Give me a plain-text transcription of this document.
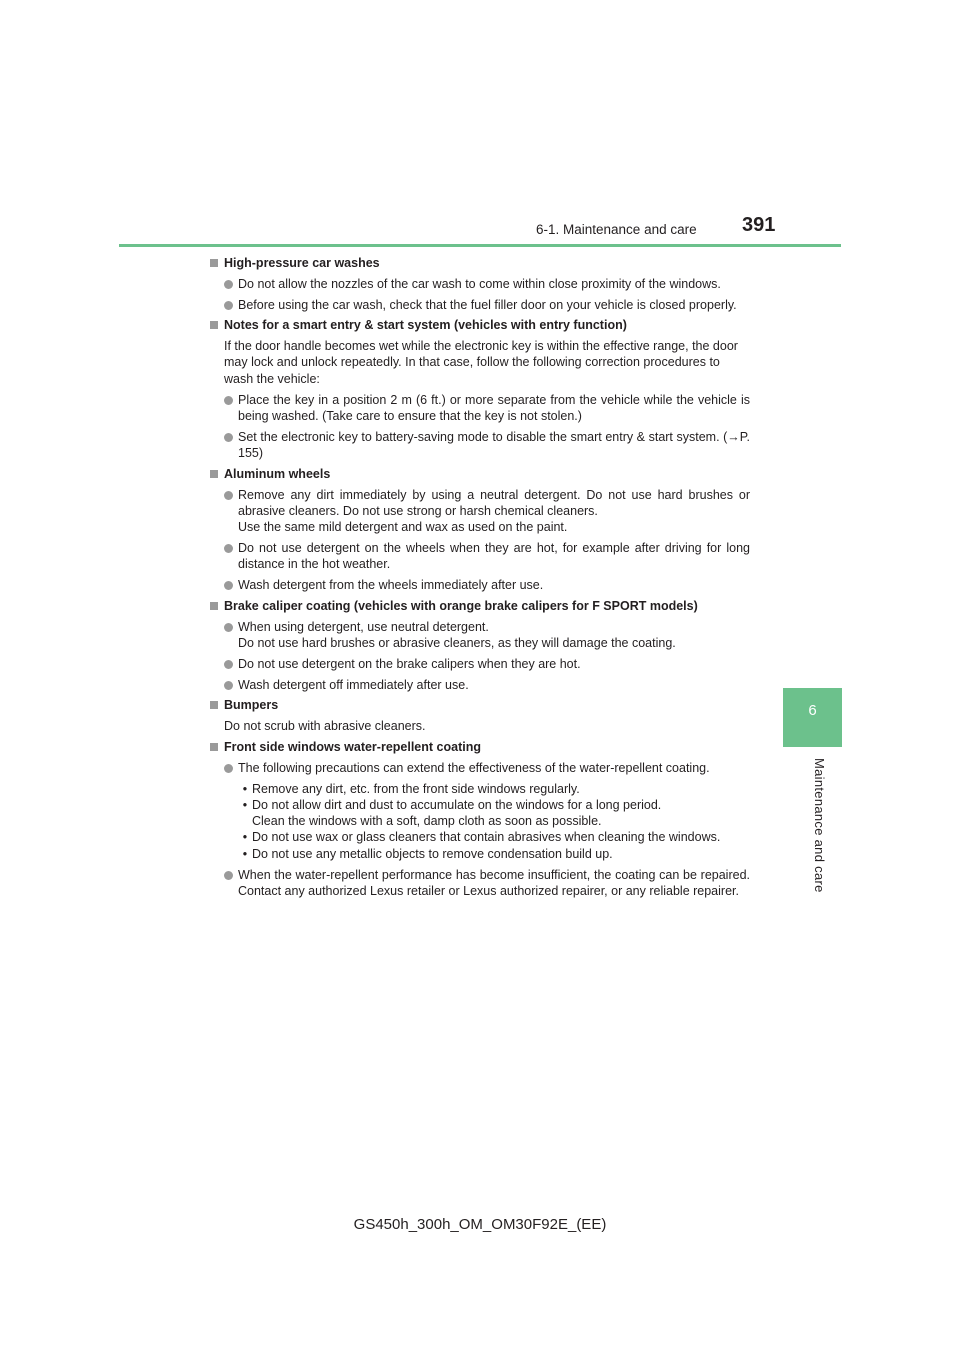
6-1. Maintenance and care 391
6
Maintenance and care
High-pressure car washes
Do not allow the nozzles of the car wash to come within close proximity of the windows.
Before using the car wash, check that the fuel filler door on your vehicle is closed properly.
Notes for a smart entry & start system (vehicles with entry function)
If the door handle becomes wet while the electronic key is within the effective range, the door may lock and unlock repeatedly. In that case, follow the following correction procedures to wash the vehicle:
Place the key in a position 2 m (6 ft.) or more separate from the vehicle while the vehicle is being washed. (Take care to ensure that the key is not stolen.)
Set the electronic key to battery-saving mode to disable the smart entry & start system. (→P. 155)
Aluminum wheels
Remove any dirt immediately by using a neutral detergent. Do not use hard brushes or abrasive cleaners. Do not use strong or harsh chemical cleaners.
Use the same mild detergent and wax as used on the paint.
Do not use detergent on the wheels when they are hot, for example after driving for long distance in the hot weather.
Wash detergent from the wheels immediately after use.
Brake caliper coating (vehicles with orange brake calipers for F SPORT models)
When using detergent, use neutral detergent.
Do not use hard brushes or abrasive cleaners, as they will damage the coating.
Do not use detergent on the brake calipers when they are hot.
Wash detergent off immediately after use.
Bumpers
Do not scrub with abrasive cleaners.
Front side windows water-repellent coating
The following precautions can extend the effectiveness of the water-repellent coating.
• Remove any dirt, etc. from the front side windows regularly.
• Do not allow dirt and dust to accumulate on the windows for a long period.
Clean the windows with a soft, damp cloth as soon as possible.
• Do not use wax or glass cleaners that contain abrasives when cleaning the windows.
• Do not use any metallic objects to remove condensation build up.
When the water-repellent performance has become insufficient, the coating can be repaired. Contact any authorized Lexus retailer or Lexus authorized repairer, or any reliable repairer.
GS450h_300h_OM_OM30F92E_(EE)
